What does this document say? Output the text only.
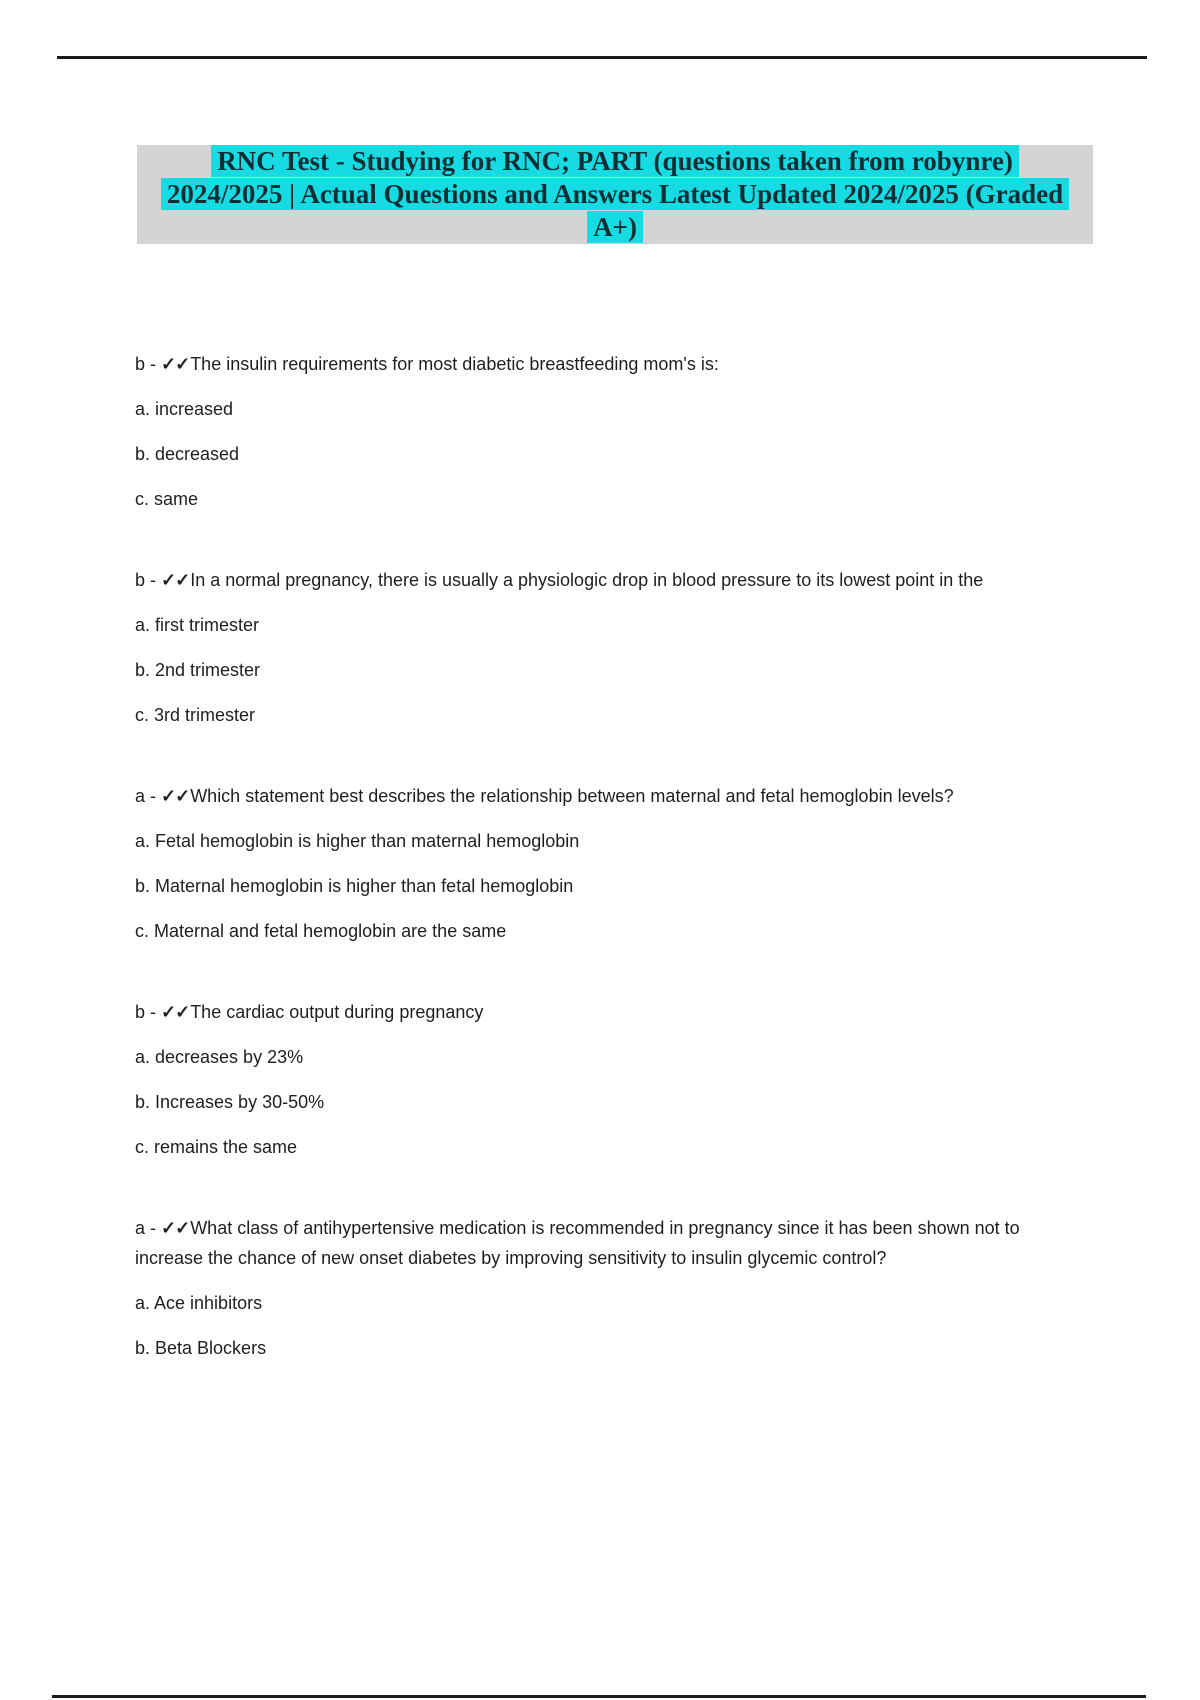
RNC Test - Studying for RNC; PART (questions taken from robynre)
2024/2025 | Actual Questions and Answers Latest Updated 2024/2025 (Graded
A+)

b - ✓✓The insulin requirements for most diabetic breastfeeding mom's is:

a. increased

b. decreased

c. same

b - ✓✓In a normal pregnancy, there is usually a physiologic drop in blood pressure to its lowest point in the

a. first trimester

b. 2nd trimester

c. 3rd trimester

a - ✓✓Which statement best describes the relationship between maternal and fetal hemoglobin levels?

a. Fetal hemoglobin is higher than maternal hemoglobin

b. Maternal hemoglobin is higher than fetal hemoglobin

c. Maternal and fetal hemoglobin are the same

b - ✓✓The cardiac output during pregnancy

a. decreases by 23%

b. Increases by 30-50%

c. remains the same

a - ✓✓What class of antihypertensive medication is recommended in pregnancy since it has been shown not to increase the chance of new onset diabetes by improving sensitivity to insulin glycemic control?

a. Ace inhibitors

b. Beta Blockers
